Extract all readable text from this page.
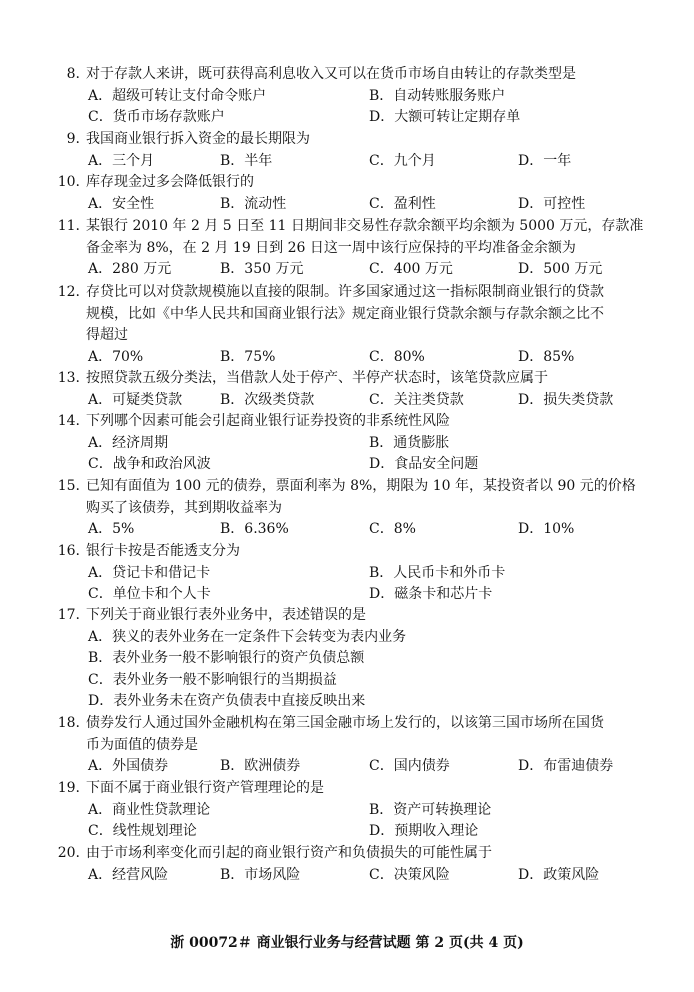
8. 对于存款人来讲，既可获得高利息收入又可以在货币市场自由转让的存款类型是
A．超级可转让支付命令账户	B．自动转账服务账户
C．货币市场存款账户	D．大额可转让定期存单
9. 我国商业银行拆入资金的最长期限为
A．三个月	B．半年	C．九个月	D．一年
10. 库存现金过多会降低银行的
A．安全性	B．流动性	C．盈利性	D．可控性
11. 某银行 2010 年 2 月 5 日至 11 日期间非交易性存款余额平均余额为 5000 万元，存款准
备金率为 8%，在 2 月 19 日到 26 日这一周中该行应保持的平均准备金余额为
A．280 万元	B．350 万元	C．400 万元	D．500 万元
12. 存贷比可以对贷款规模施以直接的限制。许多国家通过这一指标限制商业银行的贷款
规模，比如《中华人民共和国商业银行法》规定商业银行贷款余额与存款余额之比不
得超过
A．70%	B．75%	C．80%	D．85%
13. 按照贷款五级分类法，当借款人处于停产、半停产状态时，该笔贷款应属于
A．可疑类贷款	B．次级类贷款	C．关注类贷款	D．损失类贷款
14. 下列哪个因素可能会引起商业银行证券投资的非系统性风险
A．经济周期	B．通货膨胀
C．战争和政治风波	D．食品安全问题
15. 已知有面值为 100 元的债券，票面利率为 8%，期限为 10 年，某投资者以 90 元的价格
购买了该债券，其到期收益率为
A．5%	B．6.36%	C．8%	D．10%
16. 银行卡按是否能透支分为
A．贷记卡和借记卡	B．人民币卡和外币卡
C．单位卡和个人卡	D．磁条卡和芯片卡
17. 下列关于商业银行表外业务中，表述错误的是
A．狭义的表外业务在一定条件下会转变为表内业务
B．表外业务一般不影响银行的资产负债总额
C．表外业务一般不影响银行的当期损益
D．表外业务未在资产负债表中直接反映出来
18. 债券发行人通过国外金融机构在第三国金融市场上发行的，以该第三国市场所在国货
币为面值的债券是
A．外国债券	B．欧洲债券	C．国内债券	D．布雷迪债券
19. 下面不属于商业银行资产管理理论的是
A．商业性贷款理论	B．资产可转换理论
C．线性规划理论	D．预期收入理论
20. 由于市场利率变化而引起的商业银行资产和负债损失的可能性属于
A．经营风险	B．市场风险	C．决策风险	D．政策风险
浙 00072＃ 商业银行业务与经营试题 第 2 页(共 4 页)
